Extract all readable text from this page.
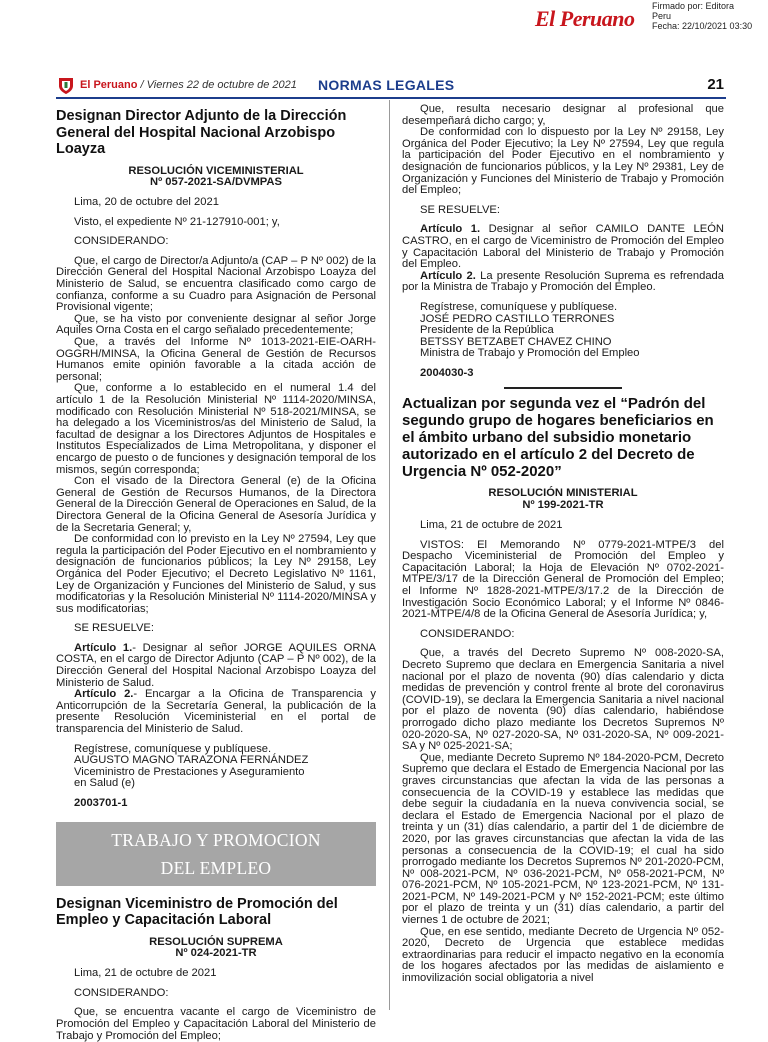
El Peruano Firmado por: Editora
Peru
Fecha: 22/10/2021 03:30
El Peruano / Viernes 22 de octubre de 2021 NORMAS LEGALES	21
Designan Director Adjunto de la Dirección General del Hospital Nacional Arzobispo Loayza
RESOLUCIÓN VICEMINISTERIAL
Nº 057-2021-SA/DVMPAS

Lima, 20 de octubre del 2021

Visto, el expediente Nº 21-127910-001; y,

CONSIDERANDO:

Que, el cargo de Director/a Adjunto/a (CAP – P Nº 002) de la Dirección General del Hospital Nacional Arzobispo Loayza del Ministerio de Salud, se encuentra clasificado como cargo de confianza, conforme a su Cuadro para Asignación de Personal Provisional vigente;

Que, se ha visto por conveniente designar al señor Jorge Aquiles Orna Costa en el cargo señalado precedentemente;

Que, a través del Informe Nº 1013-2021-EIE-OARH-OGGRH/MINSA, la Oficina General de Gestión de Recursos Humanos emite opinión favorable a la citada acción de personal;

Que, conforme a lo establecido en el numeral 1.4 del artículo 1 de la Resolución Ministerial Nº 1114-2020/MINSA, modificado con Resolución Ministerial Nº 518-2021/MINSA, se ha delegado a los Viceministros/as del Ministerio de Salud, la facultad de designar a los Directores Adjuntos de Hospitales e Institutos Especializados de Lima Metropolitana, y disponer el encargo de puesto o de funciones y designación temporal de los mismos, según corresponda;

Con el visado de la Directora General (e) de la Oficina General de Gestión de Recursos Humanos, de la Directora General de la Dirección General de Operaciones en Salud, de la Directora General de la Oficina General de Asesoría Jurídica y de la Secretaria General; y,

De conformidad con lo previsto en la Ley Nº 27594, Ley que regula la participación del Poder Ejecutivo en el nombramiento y designación de funcionarios públicos; la Ley Nº 29158, Ley Orgánica del Poder Ejecutivo; el Decreto Legislativo Nº 1161, Ley de Organización y Funciones del Ministerio de Salud, y sus modificatorias y la Resolución Ministerial Nº 1114-2020/MINSA y sus modificatorias;

SE RESUELVE:

Artículo 1.- Designar al señor JORGE AQUILES ORNA COSTA, en el cargo de Director Adjunto (CAP – P Nº 002), de la Dirección General del Hospital Nacional Arzobispo Loayza del Ministerio de Salud.

Artículo 2.- Encargar a la Oficina de Transparencia y Anticorrupción de la Secretaría General, la publicación de la presente Resolución Viceministerial en el portal de transparencia del Ministerio de Salud.

Regístrese, comuníquese y publíquese.

AUGUSTO MAGNO TARAZONA FERNÁNDEZ

Viceministro de Prestaciones y Aseguramiento

en Salud (e)

2003701-1

TRABAJO Y PROMOCION
DEL EMPLEO
Designan Viceministro de Promoción del Empleo y Capacitación Laboral
RESOLUCIÓN SUPREMA
Nº 024-2021-TR

Lima, 21 de octubre de 2021

CONSIDERANDO:

Que, se encuentra vacante el cargo de Viceministro de Promoción del Empleo y Capacitación Laboral del Ministerio de Trabajo y Promoción del Empleo;

Que, resulta necesario designar al profesional que desempeñará dicho cargo; y,

De conformidad con lo dispuesto por la Ley Nº 29158, Ley Orgánica del Poder Ejecutivo; la Ley Nº 27594, Ley que regula la participación del Poder Ejecutivo en el nombramiento y designación de funcionarios públicos, y la Ley Nº 29381, Ley de Organización y Funciones del Ministerio de Trabajo y Promoción del Empleo;

SE RESUELVE:

Artículo 1. Designar al señor CAMILO DANTE LEÓN CASTRO, en el cargo de Viceministro de Promoción del Empleo y Capacitación Laboral del Ministerio de Trabajo y Promoción del Empleo.

Artículo 2. La presente Resolución Suprema es refrendada por la Ministra de Trabajo y Promoción del Empleo.

Regístrese, comuníquese y publíquese.

JOSÉ PEDRO CASTILLO TERRONES

Presidente de la República

BETSSY BETZABET CHAVEZ CHINO

Ministra de Trabajo y Promoción del Empleo

2004030-3

Actualizan por segunda vez el “Padrón del segundo grupo de hogares beneficiarios en el ámbito urbano del subsidio monetario autorizado en el artículo 2 del Decreto de Urgencia Nº 052-2020”
RESOLUCIÓN MINISTERIAL
Nº 199-2021-TR

Lima, 21 de octubre de 2021

VISTOS: El Memorando Nº 0779-2021-MTPE/3 del Despacho Viceministerial de Promoción del Empleo y Capacitación Laboral; la Hoja de Elevación Nº 0702-2021-MTPE/3/17 de la Dirección General de Promoción del Empleo; el Informe Nº 1828-2021-MTPE/3/17.2 de la Dirección de Investigación Socio Económico Laboral; y el Informe Nº 0846-2021-MTPE/4/8 de la Oficina General de Asesoría Jurídica; y,

CONSIDERANDO:

Que, a través del Decreto Supremo Nº 008-2020-SA, Decreto Supremo que declara en Emergencia Sanitaria a nivel nacional por el plazo de noventa (90) días calendario y dicta medidas de prevención y control frente al brote del coronavirus (COVID-19), se declara la Emergencia Sanitaria a nivel nacional por el plazo de noventa (90) días calendario, habiéndose prorrogado dicho plazo mediante los Decretos Supremos Nº 020-2020-SA, Nº 027-2020-SA, Nº 031-2020-SA, Nº 009-2021-SA y Nº 025-2021-SA;

Que, mediante Decreto Supremo Nº 184-2020-PCM, Decreto Supremo que declara el Estado de Emergencia Nacional por las graves circunstancias que afectan la vida de las personas a consecuencia de la COVID-19 y establece las medidas que debe seguir la ciudadanía en la nueva convivencia social, se declara el Estado de Emergencia Nacional por el plazo de treinta y un (31) días calendario, a partir del 1 de diciembre de 2020, por las graves circunstancias que afectan la vida de las personas a consecuencia de la COVID-19; el cual ha sido prorrogado mediante los Decretos Supremos Nº 201-2020-PCM, Nº 008-2021-PCM, Nº 036-2021-PCM, Nº 058-2021-PCM, Nº 076-2021-PCM, Nº 105-2021-PCM, Nº 123-2021-PCM, Nº 131-2021-PCM, Nº 149-2021-PCM y Nº 152-2021-PCM; este último por el plazo de treinta y un (31) días calendario, a partir del viernes 1 de octubre de 2021;

Que, en ese sentido, mediante Decreto de Urgencia Nº 052-2020, Decreto de Urgencia que establece medidas extraordinarias para reducir el impacto negativo en la economía de los hogares afectados por las medidas de aislamiento e inmovilización social obligatoria a nivel
